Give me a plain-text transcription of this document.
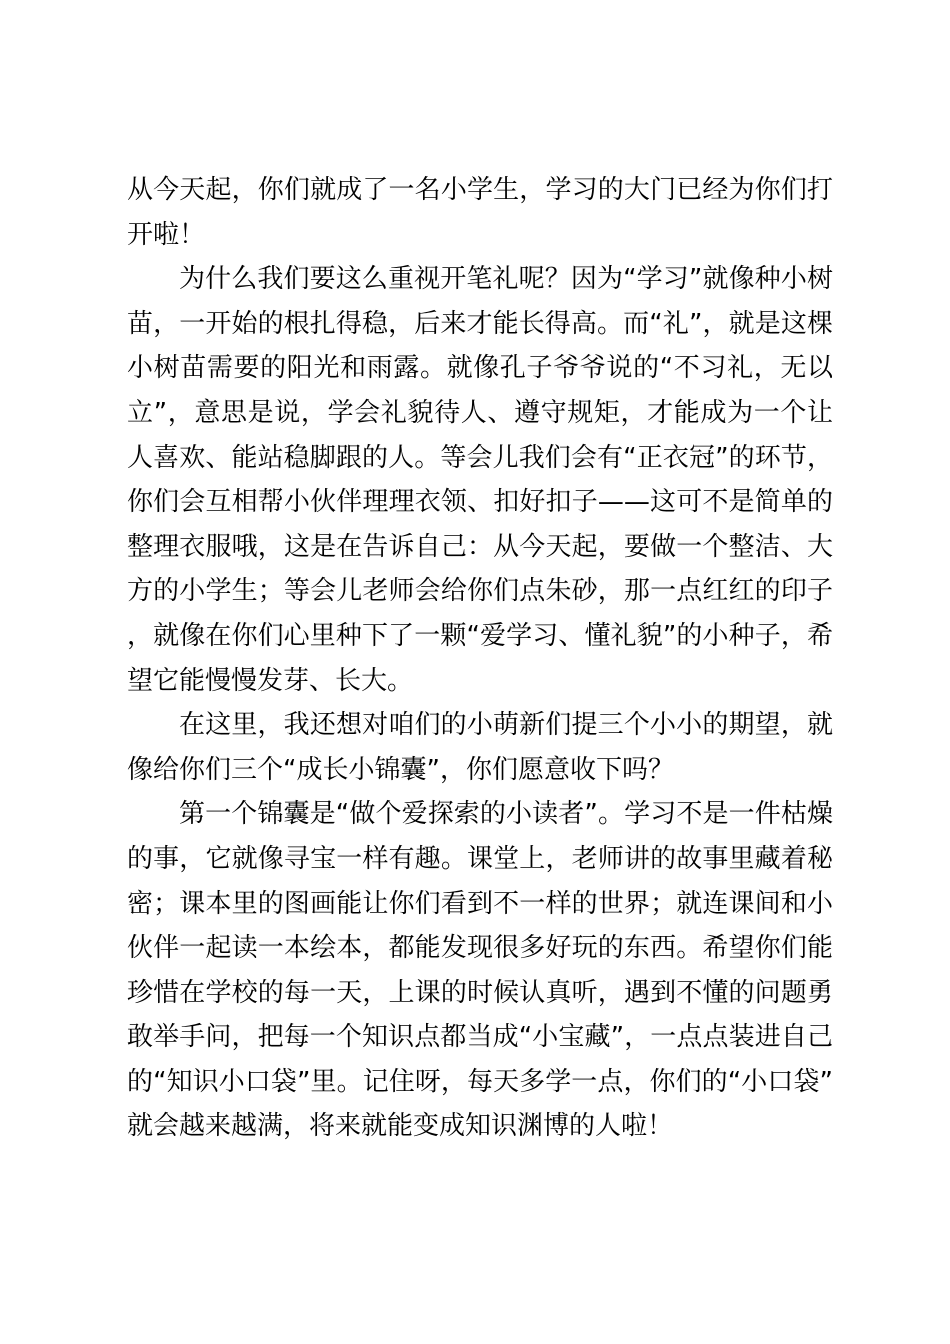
从今天起，你们就成了一名小学生，学习的大门已经为你们打开啦！

为什么我们要这么重视开笔礼呢？因为“学习”就像种小树苗，一开始的根扎得稳，后来才能长得高。而“礼”，就是这棵小树苗需要的阳光和雨露。就像孔子爷爷说的“不习礼，无以立”，意思是说，学会礼貌待人、遵守规矩，才能成为一个让人喜欢、能站稳脚跟的人。等会儿我们会有“正衣冠”的环节，你们会互相帮小伙伴理理衣领、扣好扣子——这可不是简单的整理衣服哦，这是在告诉自己：从今天起，要做一个整洁、大方的小学生；等会儿老师会给你们点朱砂，那一点红红的印子，就像在你们心里种下了一颗“爱学习、懂礼貌”的小种子，希望它能慢慢发芽、长大。

在这里，我还想对咱们的小萌新们提三个小小的期望，就像给你们三个“成长小锦囊”，你们愿意收下吗？

第一个锦囊是“做个爱探索的小读者”。学习不是一件枯燥的事，它就像寻宝一样有趣。课堂上，老师讲的故事里藏着秘密；课本里的图画能让你们看到不一样的世界；就连课间和小伙伴一起读一本绘本，都能发现很多好玩的东西。希望你们能珍惜在学校的每一天，上课的时候认真听，遇到不懂的问题勇敢举手问，把每一个知识点都当成“小宝藏”，一点点装进自己的“知识小口袋”里。记住呀，每天多学一点，你们的“小口袋”就会越来越满，将来就能变成知识渊博的人啦！
